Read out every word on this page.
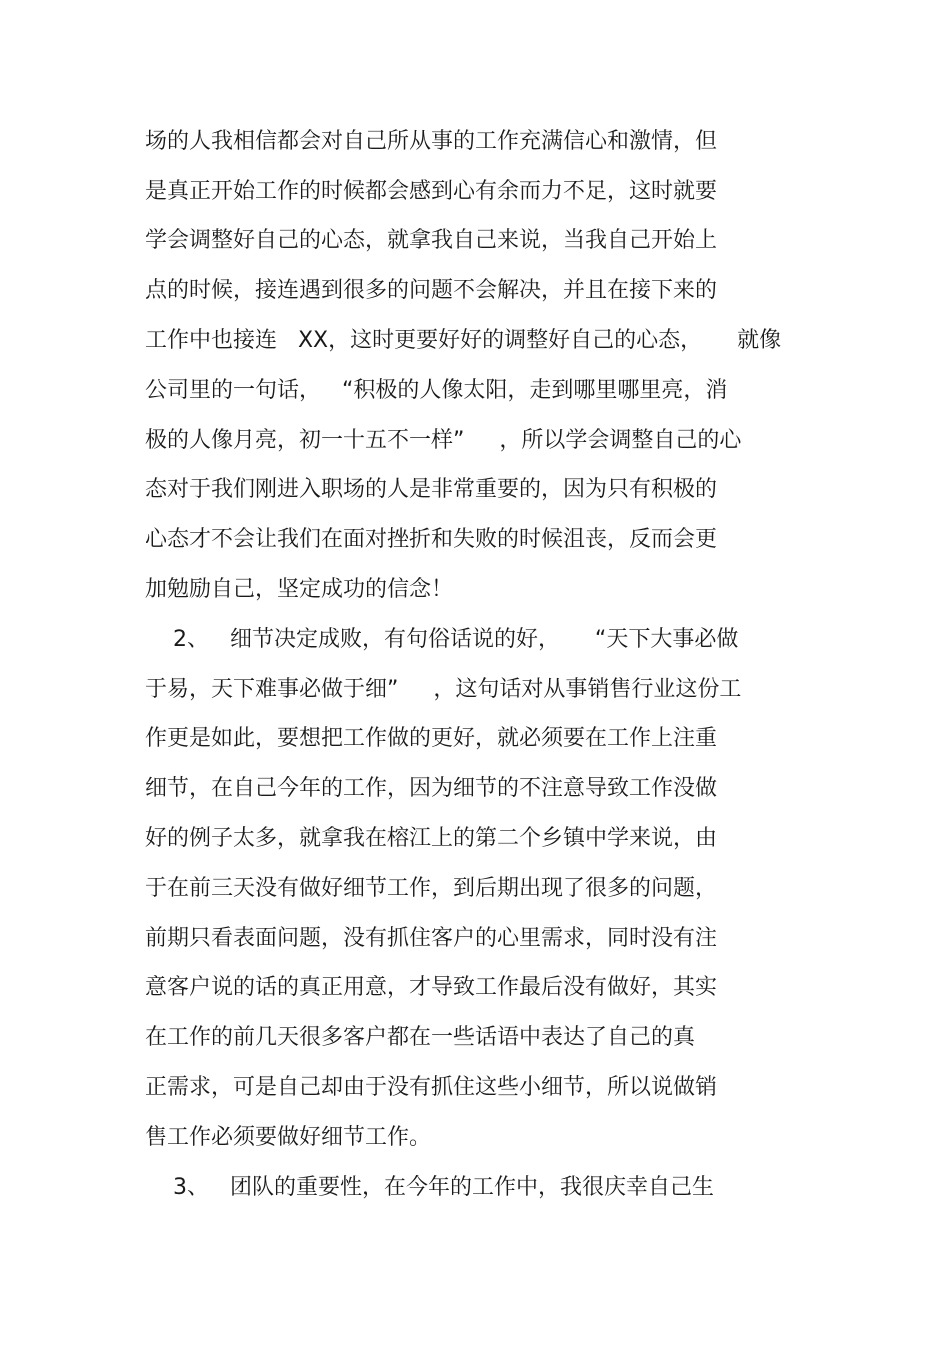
场的人我相信都会对自己所从事的工作充满信心和激情，但
是真正开始工作的时候都会感到心有余而力不足，这时就要
学会调整好自己的心态，就拿我自己来说，当我自己开始上
点的时候，接连遇到很多的问题不会解决，并且在接下来的
工作中也接连   XX，这时更要好好的调整好自己的心态，     就像
公司里的一句话，   “积极的人像太阳，走到哪里哪里亮，消
极的人像月亮，初一十五不一样”     ，所以学会调整自己的心
态对于我们刚进入职场的人是非常重要的，因为只有积极的
心态才不会让我们在面对挫折和失败的时候沮丧，反而会更
加勉励自己，坚定成功的信念！
2、   细节决定成败，有句俗话说的好，     “天下大事必做
于易，天下难事必做于细”     ，这句话对从事销售行业这份工
作更是如此，要想把工作做的更好，就必须要在工作上注重
细节，在自己今年的工作，因为细节的不注意导致工作没做
好的例子太多，就拿我在榕江上的第二个乡镇中学来说，由
于在前三天没有做好细节工作，到后期出现了很多的问题，
前期只看表面问题，没有抓住客户的心里需求，同时没有注
意客户说的话的真正用意，才导致工作最后没有做好，其实
在工作的前几天很多客户都在一些话语中表达了自己的真
正需求，可是自己却由于没有抓住这些小细节，所以说做销
售工作必须要做好细节工作。
3、   团队的重要性，在今年的工作中，我很庆幸自己生
